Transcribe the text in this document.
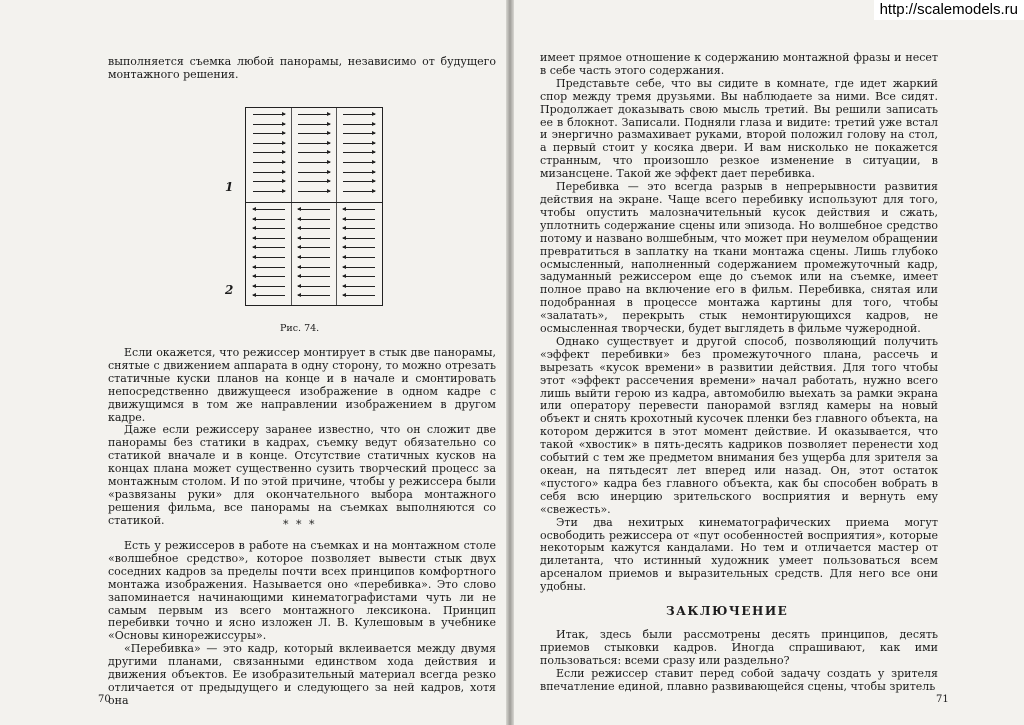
выполняется съемка любой панорамы, независимо от будущего монтажного решения.

1
2
Рис. 74.

Если окажется, что режиссер монтирует в стык две панорамы, снятые с движением аппарата в одну сторону, то можно отрезать статичные куски планов на конце и в начале и смонтировать непосредственно движущееся изображение в одном кадре с движущимся в том же направлении изображением в другом кадре.

Даже если режиссеру заранее известно, что он сложит две панорамы без статики в кадрах, съемку ведут обязательно со статикой вначале и в конце. Отсутствие статичных кусков на концах плана может существенно сузить творческий процесс за монтажным столом. И по этой причине, чтобы у режиссера были «развязаны руки» для окончательного выбора монтажного решения фильма, все панорамы на съемках выполняются со статикой.	* * *

Есть у режиссеров в работе на съемках и на монтажном столе «волшебное средство», которое позволяет вывести стык двух соседних кадров за пределы почти всех принципов комфортного монтажа изображения. Называется оно «перебивка». Это слово запоминается начинающими кинематографистами чуть ли не самым первым из всего монтажного лексикона. Принцип перебивки точно и ясно изложен Л. В. Кулешовым в учебнике «Основы кинорежиссуры».

«Перебивка» — это кадр, который вклеивается между двумя другими планами, связанными единством хода действия и движения объектов. Ее изобразительный материал всегда резко отличается от предыдущего и следующего за ней кадров, хотя она

70

имеет прямое отношение к содержанию монтажной фразы и несет в себе часть этого содержания.

Представьте себе, что вы сидите в комнате, где идет жаркий спор между тремя друзьями. Вы наблюдаете за ними. Все сидят. Продолжает доказывать свою мысль третий. Вы решили записать ее в блокнот. Записали. Подняли глаза и видите: третий уже встал и энергично размахивает руками, второй положил голову на стол, а первый стоит у косяка двери. И вам нисколько не покажется странным, что произошло резкое изменение в ситуации, в мизансцене. Такой же эффект дает перебивка.

Перебивка — это всегда разрыв в непрерывности развития действия на экране. Чаще всего перебивку используют для того, чтобы опустить малозначительный кусок действия и сжать, уплотнить содержание сцены или эпизода. Но волшебное средство потому и названо волшебным, что может при неумелом обращении превратиться в заплатку на ткани монтажа сцены. Лишь глубоко осмысленный, наполненный содержанием промежуточный кадр, задуманный режиссером еще до съемок или на съемке, имеет полное право на включение его в фильм. Перебивка, снятая или подобранная в процессе монтажа картины для того, чтобы «залатать», перекрыть стык немонтирующихся кадров, не осмысленная творчески, будет выглядеть в фильме чужеродной.

Однако существует и другой способ, позволяющий получить «эффект перебивки» без промежуточного плана, рассечь и вырезать «кусок времени» в развитии действия. Для того чтобы этот «эффект рассечения времени» начал работать, нужно всего лишь выйти герою из кадра, автомобилю выехать за рамки экрана или оператору перевести панорамой взгляд камеры на новый объект и снять крохотный кусочек пленки без главного объекта, на котором держится в этот момент действие. И оказывается, что такой «хвостик» в пять-десять кадриков позволяет перенести ход событий с тем же предметом внимания без ущерба для зрителя за океан, на пятьдесят лет вперед или назад. Он, этот остаток «пустого» кадра без главного объекта, как бы способен вобрать в себя всю инерцию зрительского восприятия и вернуть ему «свежесть».

Эти два нехитрых кинематографических приема могут освободить режиссера от «пут особенностей восприятия», которые некоторым кажутся кандалами. Но тем и отличается мастер от дилетанта, что истинный художник умеет пользоваться всем арсеналом приемов и выразительных средств. Для него все они удобны.

ЗАКЛЮЧЕНИЕ

Итак, здесь были рассмотрены десять принципов, десять приемов стыковки кадров. Иногда спрашивают, как ими пользоваться: всеми сразу или раздельно?

Если режиссер ставит перед собой задачу создать у зрителя впечатление единой, плавно развивающейся сцены, чтобы зритель

71
http://scalemodels.ru
